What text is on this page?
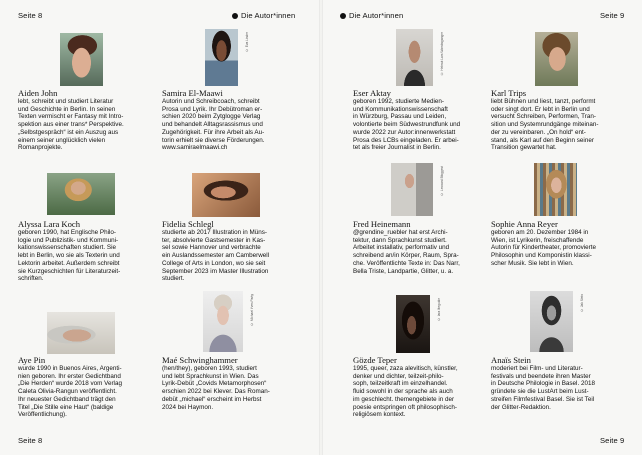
Seite 8	Die Autor*innen	Die Autor*innen	Seite 9
Aiden John
lebt, schreibt und studiert Literatur
und Geschichte in Berlin. In seinen
Texten vermischt er Fantasy mit Intro-
spektion aus einer trans* Perspektive.
„Selbstgespräch“ ist ein Auszug aus
einem seiner unglücklich vielen
Romanprojekte.
© Eva Linder
Samira El-Maawi
Autorin und Schreibcoach, schreibt
Prosa und Lyrik. Ihr Debütroman er-
schien 2020 beim Zytglogge Verlag
und behandelt Alltagsrassismus und
Zugehörigkeit. Für ihre Arbeit als Au-
torin erhielt sie diverse Förderungen.
www.samiraelmaawi.ch
© Helmut Lars Wambsganger
Eser Aktay
geboren 1992, studierte Medien-
und Kommunikationswissenschaft
in Würzburg, Passau und Leiden,
volontierte beim Südwestrundfunk und
wurde 2022 zur Autor:innenwerkstatt
Prosa des LCBs eingeladen. Er arbei-
tet als freier Journalist in Berlin.
Karl Trips
liebt Bühnen und liest, tanzt, performt
oder singt dort. Er lebt in Berlin und
versucht Schreiben, Performen, Tran-
sition und Systemrundgänge miteinan-
der zu vereinbaren. „On hold“ ent-
stand, als Karl auf den Beginn seiner
Transition gewartet hat.
Alyssa Lara Koch
geboren 1990, hat Englische Philo-
logie und Publizistik- und Kommuni-
kationswissenschaften studiert. Sie
lebt in Berlin, wo sie als Texterin und
Lektorin arbeitet. Außerdem schreibt
sie Kurzgeschichten für Literaturzeit-
schriften.
Fidelia Schlegl
studierte ab 2017 Illustration in Müns-
ter, absolvierte Gastsemester in Kas-
sel sowie Hannover und verbrachte
ein Auslandssemester am Camberwell
College of Arts in London, wo sie seit
September 2023 im Master Illustration
studiert.
© Leonard Bloggest
Fred Heinemann
@grendine_ruebler hat erst Archi-
tektur, dann Sprachkunst studiert.
Arbeitet installativ, performativ und
schreibend an/in Körper, Raum, Spra-
che. Veröffentlichte Texte in: Das Narr,
Bella Triste, Landpartie, Glitter, u. a.
Sophie Anna Reyer
geboren am 20. Dezember 1984 in
Wien, ist Lyrikerin, freischaffende
Autorin für Kindertheater, promovierte
Philosophin und Komponistin klassi-
scher Musik. Sie lebt in Wien.
Aye Pin
wurde 1990 in Buenos Aires, Argenti-
nien geboren. Ihr erster Gedichtband
„Die Herden“ wurde 2018 vom Verlag
Caleta Olivia-Rangun veröffentlicht.
Ihr neuester Gedichtband trägt den
Titel „Die Stille eine Haut“ (baldige
Veröffentlichung).
© Michael Yves Party
Maé Schwinghammer
(hen/they), geboren 1993, studiert
und lebt Sprachkunst in Wien. Das
Lyrik-Debüt „Covids Metamorphosen“
erschien 2022 bei Klever. Das Roman-
debüt „michael“ erscheint im Herbst
2024 bei Haymon.
© lara liteguide
Gözde Teper
1995, queer, zaza alevitisch, künstler,
denker und dichter, teilzeit-philo-
soph, teilzeitkraft im einzelhandel.
fluid sowohl in der sprache als auch
im geschlecht. themengebiete in der
poesie entspringen oft philosophisch-
religiösem kontext.
© Jak Stein
Anaïs Stein
moderiert bei Film- und Literatur-
festivals und beendete ihren Master
in Deutsche Philologie in Basel. 2018
gründete sie die LustArt beim Lust-
streifen Filmfestival Basel. Sie ist Teil
der Glitter-Redaktion.
Seite 8	Seite 9
